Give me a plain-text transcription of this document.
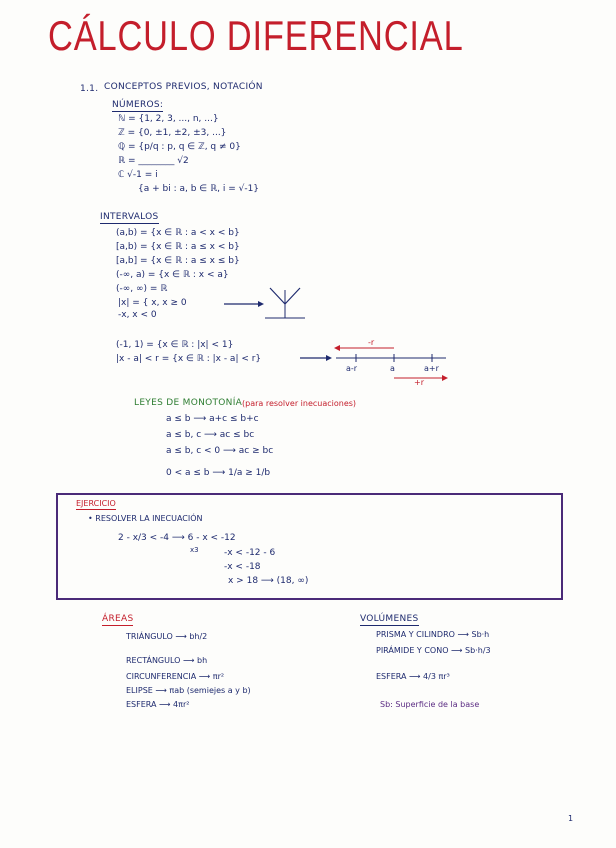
CÁLCULO DIFERENCIAL
1.1. CONCEPTOS PREVIOS, NOTACIÓN
NÚMEROS:
ℕ = {1, 2, 3, ..., n, ...}
ℤ = {0, ±1, ±2, ±3, ...}
ℚ = {p/q : p, q ∈ ℤ, q ≠ 0}
ℝ = ________ √2
ℂ √-1 = i
{a + bi : a, b ∈ ℝ, i = √-1}
INTERVALOS
(a,b) = {x ∈ ℝ : a < x < b}
[a,b) = {x ∈ ℝ : a ≤ x < b}
[a,b] = {x ∈ ℝ : a ≤ x ≤ b}
(-∞, a) = {x ∈ ℝ : x < a}
(-∞, ∞) = ℝ
|x| = { x, x ≥ 0
-x, x < 0
(-1, 1) = {x ∈ ℝ : |x| < 1}
|x - a| < r = {x ∈ ℝ : |x - a| < r}
-r
a-r	a	a+r
+r
LEYES DE MONOTONÍA (para resolver inecuaciones)
a ≤ b ⟶ a+c ≤ b+c
a ≤ b, c ⟶ ac ≤ bc
a ≤ b, c < 0 ⟶ ac ≥ bc
0 < a ≤ b ⟶ 1/a ≥ 1/b
EJERCICIO
• RESOLVER LA INECUACIÓN
2 - x/3 < -4 ⟶ 6 - x < -12
x3	-x < -12 - 6
-x < -18
x > 18 ⟶ (18, ∞)
ÁREAS
TRIÁNGULO ⟶ bh/2
RECTÁNGULO ⟶ bh
CIRCUNFERENCIA ⟶ πr²
ELIPSE ⟶ πab (semiejes a y b)
ESFERA ⟶ 4πr²
VOLÚMENES
PRISMA Y CILINDRO ⟶ Sb·h
PIRÁMIDE Y CONO ⟶ Sb·h/3
ESFERA ⟶ 4/3 πr³
Sb: Superficie de la base
1
